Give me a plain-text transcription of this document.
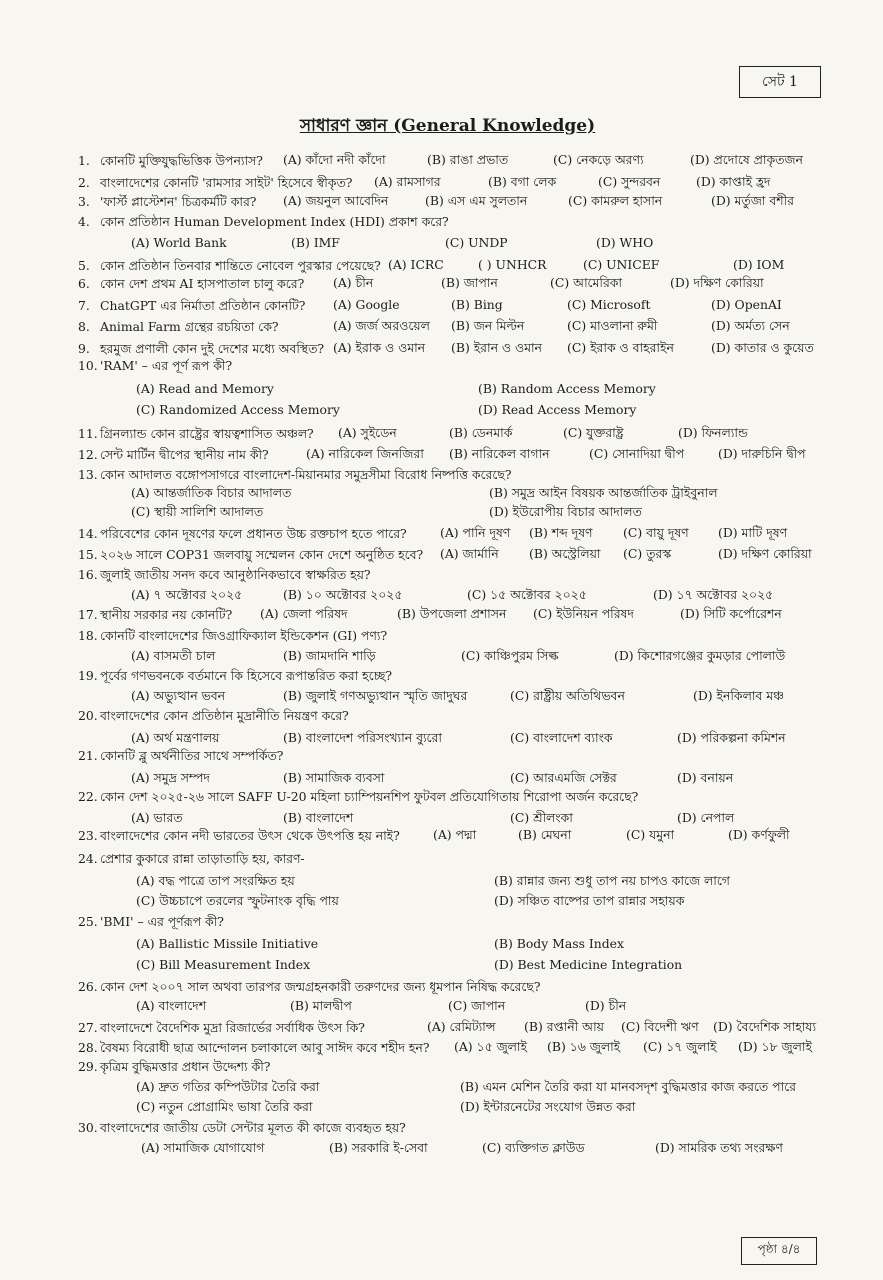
সেট 1
সাধারণ জ্ঞান (General Knowledge)
পৃষ্ঠা ৪/৪
1.কোনটি মুক্তিযুদ্ধভিত্তিক উপন্যাস?	(A) কাঁদো নদী কাঁদো	(B) রাঙা প্রভাত	(C) নেকড়ে অরণ্য	(D) প্রদোষে প্রাকৃতজন
2.বাংলাদেশের কোনটি 'রামসার সাইট' হিসেবে স্বীকৃত?	(A) রামসাগর	(B) বগা লেক	(C) সুন্দরবন	(D) কাপ্তাই হ্রদ
3.'ফার্স্ট প্লাস্টেশন' চিত্রকর্মটি কার?	(A) জয়নুল আবেদিন	(B) এস এম সুলতান	(C) কামরুল হাসান	(D) মর্তুজা বশীর
4.কোন প্রতিষ্ঠান Human Development Index (HDI) প্রকাশ করে?
(A) World Bank	(B) IMF	(C) UNDP	(D) WHO
5.কোন প্রতিষ্ঠান তিনবার শান্তিতে নোবেল পুরস্কার পেয়েছে? (A) ICRC	( ) UNHCR	(C) UNICEF	(D) IOM
6.কোন দেশ প্রথম AI হাসপাতাল চালু করে?	(A) চীন	(B) জাপান	(C) আমেরিকা	(D) দক্ষিণ কোরিয়া
7.ChatGPT এর নির্মাতা প্রতিষ্ঠান কোনটি?	(A) Google	(B) Bing	(C) Microsoft	(D) OpenAI
8.Animal Farm গ্রন্থের রচয়িতা কে?	(A) জর্জ অরওয়েল (B) জন মিল্টন	(C) মাওলানা রুমী	(D) অর্মত্য সেন
9.হরমুজ প্রণালী কোন দুই দেশের মধ্যে অবস্থিত? (A) ইরাক ও ওমান (B) ইরান ও ওমান (C) ইরাক ও বাহরাইন	(D) কাতার ও কুয়েত
10.'RAM' – এর পূর্ণ রূপ কী?
(A) Read and Memory	(B) Random Access Memory
(C) Randomized Access Memory	(D) Read Access Memory
11.গ্রিনল্যান্ড কোন রাষ্ট্রের স্বায়ত্বশাসিত অঞ্চল?	(A) সুইডেন	(B) ডেনমার্ক	(C) যুক্তরাষ্ট্র	(D) ফিনল্যান্ড
12.সেন্ট মার্টিন দ্বীপের স্থানীয় নাম কী?	(A) নারিকেল জিনজিরা (B) নারিকেল বাগান	(C) সোনাদিয়া দ্বীপ	(D) দারুচিনি দ্বীপ
13.কোন আদালত বঙ্গোপসাগরে বাংলাদেশ-মিয়ানমার সমুদ্রসীমা বিরোধ নিষ্পত্তি করেছে?
(A) আন্তর্জাতিক বিচার আদালত	(B) সমুদ্র আইন বিষয়ক আন্তর্জাতিক ট্রাইবুনাল
(C) স্থায়ী সালিশি আদালত	(D) ইউরোপীয় বিচার আদালত
14.পরিবেশের কোন দূষণের ফলে প্রধানত উচ্চ রক্তচাপ হতে পারে?	(A) পানি দূষণ (B) শব্দ দূষণ (C) বায়ু দূষণ (D) মাটি দূষণ
15.২০২৬ সালে COP31 জলবায়ু সম্মেলন কোন দেশে অনুষ্ঠিত হবে?	(A) জার্মানি (B) অস্ট্রেলিয়া (C) তুরস্ক	(D) দক্ষিণ কোরিয়া
16.জুলাই জাতীয় সনদ কবে আনুষ্ঠানিকভাবে স্বাক্ষরিত হয়?
(A) ৭ অক্টোবর ২০২৫	(B) ১০ অক্টোবর ২০২৫	(C) ১৫ অক্টোবর ২০২৫	(D) ১৭ অক্টোবর ২০২৫
17.স্থানীয় সরকার নয় কোনটি?	(A) জেলা পরিষদ	(B) উপজেলা প্রশাসন (C) ইউনিয়ন পরিষদ	(D) সিটি কর্পোরেশন
18.কোনটি বাংলাদেশের জিওগ্রাফিক্যাল ইন্ডিকেশন (GI) পণ্য?
(A) বাসমতী চাল	(B) জামদানি শাড়ি	(C) কাঞ্চিপুরম সিল্ক	(D) কিশোরগঞ্জের কুমড়ার পোলাউ
19.পূর্বের গণভবনকে বর্তমানে কি হিসেবে রূপান্তরিত করা হচ্ছে?
(A) অভ্যুত্থান ভবন	(B) জুলাই গণঅভ্যুত্থান স্মৃতি জাদুঘর	(C) রাষ্ট্রীয় অতিথিভবন	(D) ইনকিলাব মঞ্চ
20.বাংলাদেশের কোন প্রতিষ্ঠান মুদ্রানীতি নিয়ন্ত্রণ করে?
(A) অর্থ মন্ত্রণালয়	(B) বাংলাদেশ পরিসংখ্যান ব্যুরো	(C) বাংলাদেশ ব্যাংক	(D) পরিকল্পনা কমিশন
21.কোনটি ব্লু অর্থনীতির সাথে সম্পর্কিত?
(A) সমুদ্র সম্পদ	(B) সামাজিক ব্যবসা	(C) আরএমজি সেক্টর	(D) বনায়ন
22.কোন দেশ ২০২৫-২৬ সালে SAFF U-20 মহিলা চ্যাম্পিয়নশিপ ফুটবল প্রতিযোগিতায় শিরোপা অর্জন করেছে?
(A) ভারত	(B) বাংলাদেশ	(C) শ্রীলংকা	(D) নেপাল
23.বাংলাদেশের কোন নদী ভারতের উৎস থেকে উৎপত্তি হয় নাই?	(A) পদ্মা	(B) মেঘনা	(C) যমুনা	(D) কর্ণফুলী
24.প্রেশার কুকারে রান্না তাড়াতাড়ি হয়, কারণ-
(A) বদ্ধ পাত্রে তাপ সংরক্ষিত হয়	(B) রান্নার জন্য শুধু তাপ নয় চাপও কাজে লাগে
(C) উচ্চচাপে তরলের স্ফুটনাংক বৃদ্ধি পায়	(D) সঞ্চিত বাষ্পের তাপ রান্নার সহায়ক
25.'BMI' – এর পূর্ণরূপ কী?
(A) Ballistic Missile Initiative	(B) Body Mass Index
(C) Bill Measurement Index	(D) Best Medicine Integration
26.কোন দেশ ২০০৭ সাল অথবা তারপর জন্মগ্রহনকারী তরুণদের জন্য ধূমপান নিষিদ্ধ করেছে?
(A) বাংলাদেশ	(B) মালদ্বীপ	(C) জাপান	(D) চীন
27.বাংলাদেশে বৈদেশিক মুদ্রা রিজার্ভের সর্বাধিক উৎস কি?	(A) রেমিট্যান্স (B) রপ্তানী আয় (C) বিদেশী ঋণ (D) বৈদেশিক সাহায্য
28.বৈষম্য বিরোধী ছাত্র আন্দোলন চলাকালে আবু সাঈদ কবে শহীদ হন?	(A) ১৫ জুলাই (B) ১৬ জুলাই (C) ১৭ জুলাই (D) ১৮ জুলাই
29.কৃত্রিম বুদ্ধিমত্তার প্রধান উদ্দেশ্য কী?
(A) দ্রুত গতির কম্পিউটার তৈরি করা	(B) এমন মেশিন তৈরি করা যা মানবসদৃশ বুদ্ধিমত্তার কাজ করতে পারে
(C) নতুন প্রোগ্রামিং ভাষা তৈরি করা	(D) ইন্টারনেটের সংযোগ উন্নত করা
30.বাংলাদেশের জাতীয় ডেটা সেন্টার মূলত কী কাজে ব্যবহৃত হয়?
(A) সামাজিক যোগাযোগ	(B) সরকারি ই-সেবা	(C) ব্যক্তিগত ক্লাউড	(D) সামরিক তথ্য সংরক্ষণ
